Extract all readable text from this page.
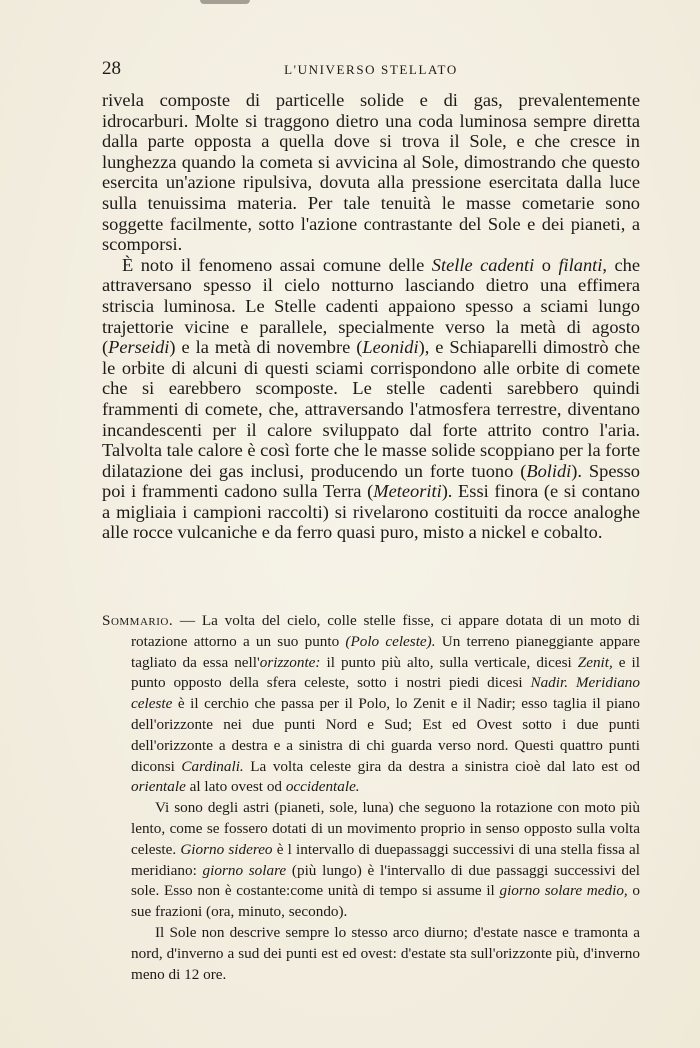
28	L'UNIVERSO STELLATO

rivela composte di particelle solide e di gas, prevalentemente idrocarburi. Molte si traggono dietro una coda luminosa sempre diretta dalla parte opposta a quella dove si trova il Sole, e che cresce in lunghezza quando la cometa si avvicina al Sole, dimostrando che questo esercita un'azione ripulsiva, dovuta alla pressione esercitata dalla luce sulla tenuissima materia. Per tale tenuità le masse cometarie sono soggette facilmente, sotto l'azione contrastante del Sole e dei pianeti, a scomporsi.

È noto il fenomeno assai comune delle Stelle cadenti o filanti, che attraversano spesso il cielo notturno lasciando dietro una effimera striscia luminosa. Le Stelle cadenti appaiono spesso a sciami lungo trajettorie vicine e parallele, specialmente verso la metà di agosto (Perseidi) e la metà di novembre (Leonidi), e Schiaparelli dimostrò che le orbite di alcuni di questi sciami corrispondono alle orbite di comete che si earebbero scomposte. Le stelle cadenti sarebbero quindi frammenti di comete, che, attraversando l'atmosfera terrestre, diventano incandescenti per il calore sviluppato dal forte attrito contro l'aria. Talvolta tale calore è così forte che le masse solide scoppiano per la forte dilatazione dei gas inclusi, producendo un forte tuono (Bolidi). Spesso poi i frammenti cadono sulla Terra (Meteoriti). Essi finora (e si contano a migliaia i campioni raccolti) si rivelarono costituiti da rocce analoghe alle rocce vulcaniche e da ferro quasi puro, misto a nickel e cobalto.

Sommario. — La volta del cielo, colle stelle fisse, ci appare dotata di un moto di rotazione attorno a un suo punto (Polo celeste). Un terreno pianeggiante appare tagliato da essa nell'orizzonte: il punto più alto, sulla verticale, dicesi Zenit, e il punto opposto della sfera celeste, sotto i nostri piedi dicesi Nadir. Meridiano celeste è il cerchio che passa per il Polo, lo Zenit e il Nadir; esso taglia il piano dell'orizzonte nei due punti Nord e Sud; Est ed Ovest sotto i due punti dell'orizzonte a destra e a sinistra di chi guarda verso nord. Questi quattro punti diconsi Cardinali. La volta celeste gira da destra a sinistra cioè dal lato est od orientale al lato ovest od occidentale.

Vi sono degli astri (pianeti, sole, luna) che seguono la rotazione con moto più lento, come se fossero dotati di un movimento proprio in senso opposto sulla volta celeste. Giorno sidereo è l intervallo di duepassaggi successivi di una stella fissa al meridiano: giorno solare (più lungo) è l'intervallo di due passaggi successivi del sole. Esso non è costante:come unità di tempo si assume il giorno solare medio, o sue frazioni (ora, minuto, secondo).

Il Sole non descrive sempre lo stesso arco diurno; d'estate nasce e tramonta a nord, d'inverno a sud dei punti est ed ovest: d'estate sta sull'orizzonte più, d'inverno meno di 12 ore.
